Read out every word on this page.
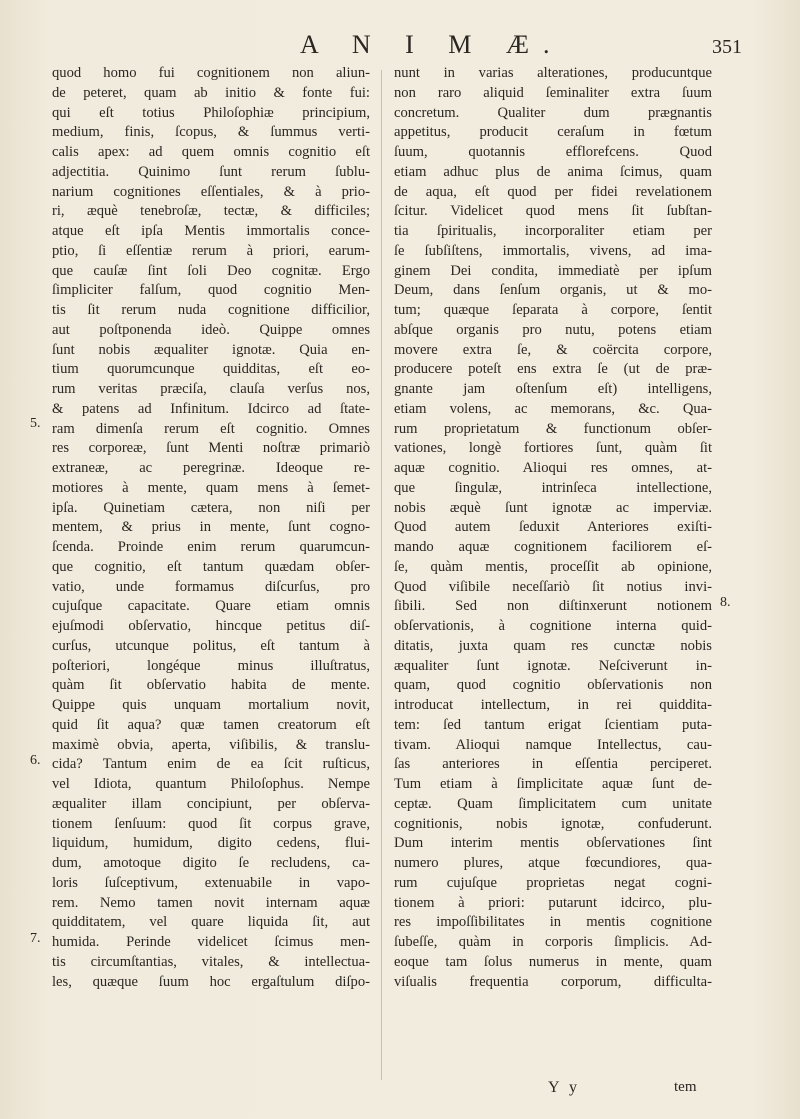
A N I M Æ.	351
quod homo fui cognitionem non aliun-
de peteret, quam ab initio & fonte fui:
qui eſt totius Philoſophiæ principium,
medium, finis, ſcopus, & ſummus verti-
calis apex: ad quem omnis cognitio eſt
adjectitia. Quinimo ſunt rerum ſublu-
narium cognitiones eſſentiales, & à prio-
ri, æquè tenebroſæ, tectæ, & difficiles;
atque eſt ipſa Mentis immortalis conce-
ptio, ſi eſſentiæ rerum à priori, earum-
que cauſæ ſint ſoli Deo cognitæ. Ergo
ſimpliciter falſum, quod cognitio Men-
tis ſit rerum nuda cognitione difficilior,
aut poſtponenda ideò. Quippe omnes
ſunt nobis æqualiter ignotæ. Quia en-
tium quorumcunque quidditas, eſt eo-
rum veritas præciſa, clauſa verſus nos,
& patens ad Infinitum. Idcirco ad ſtate-
ram dimenſa rerum eſt cognitio. Omnes
res corporeæ, ſunt Menti noſtræ primariò
extraneæ, ac peregrinæ. Ideoque re-
motiores à mente, quam mens à ſemet-
ipſa. Quinetiam cætera, non niſi per
mentem, & prius in mente, ſunt cogno-
ſcenda. Proinde enim rerum quarumcun-
que cognitio, eſt tantum quædam obſer-
vatio, unde formamus diſcurſus, pro
cujuſque capacitate. Quare etiam omnis
ejuſmodi obſervatio, hincque petitus diſ-
curſus, utcunque politus, eſt tantum à
poſteriori, longéque minus illuſtratus,
quàm ſit obſervatio habita de mente.
Quippe quis unquam mortalium novit,
quid ſit aqua? quæ tamen creatorum eſt
maximè obvia, aperta, viſibilis, & translu-
cida? Tantum enim de ea ſcit ruſticus,
vel Idiota, quantum Philoſophus. Nempe
æqualiter illam concipiunt, per obſerva-
tionem ſenſuum: quod ſit corpus grave,
liquidum, humidum, digito cedens, flui-
dum, amotoque digito ſe recludens, ca-
loris ſuſceptivum, extenuabile in vapo-
rem. Nemo tamen novit internam aquæ
quidditatem, vel quare liquida ſit, aut
humida. Perinde videlicet ſcimus men-
tis circumſtantias, vitales, & intellectua-
les, quæque ſuum hoc ergaſtulum diſpo-
nunt in varias alterationes, producuntque
non raro aliquid ſeminaliter extra ſuum
concretum. Qualiter dum prægnantis
appetitus, producit ceraſum in fœtum
ſuum, quotannis efflorefcens. Quod
etiam adhuc plus de anima ſcimus, quam
de aqua, eſt quod per fidei revelationem
ſcitur. Videlicet quod mens ſit ſubſtan-
tia ſpiritualis, incorporaliter etiam per
ſe ſubſiſtens, immortalis, vivens, ad ima-
ginem Dei condita, immediatè per ipſum
Deum, dans ſenſum organis, ut & mo-
tum; quæque ſeparata à corpore, ſentit
abſque organis pro nutu, potens etiam
movere extra ſe, & coërcita corpore,
producere poteſt ens extra ſe (ut de præ-
gnante jam oſtenſum eſt) intelligens,
etiam volens, ac memorans, &c. Qua-
rum proprietatum & functionum obſer-
vationes, longè fortiores ſunt, quàm ſit
aquæ cognitio. Alioqui res omnes, at-
que ſingulæ, intrinſeca intellectione,
nobis æquè ſunt ignotæ ac imperviæ.
Quod autem ſeduxit Anteriores exiſti-
mando aquæ cognitionem faciliorem eſ-
ſe, quàm mentis, proceſſit ab opinione,
Quod viſibile neceſſariò ſit notius invi-
ſibili. Sed non diſtinxerunt notionem
obſervationis, à cognitione interna quid-
ditatis, juxta quam res cunctæ nobis
æqualiter ſunt ignotæ. Neſciverunt in-
quam, quod cognitio obſervationis non
introducat intellectum, in rei quiddita-
tem: ſed tantum erigat ſcientiam puta-
tivam. Alioqui namque Intellectus, cau-
ſas anteriores in eſſentia perciperet.
Tum etiam à ſimplicitate aquæ ſunt de-
ceptæ. Quam ſimplicitatem cum unitate
cognitionis, nobis ignotæ, confuderunt.
Dum interim mentis obſervationes ſint
numero plures, atque fœcundiores, qua-
rum cujuſque proprietas negat cogni-
tionem à priori: putarunt idcirco, plu-
res impoſſibilitates in mentis cognitione
ſubeſſe, quàm in corporis ſimplicis. Ad-
eoque tam ſolus numerus in mente, quam
viſualis frequentia corporum, difficulta-
5.
6.
7.
8.
Y y	tem
